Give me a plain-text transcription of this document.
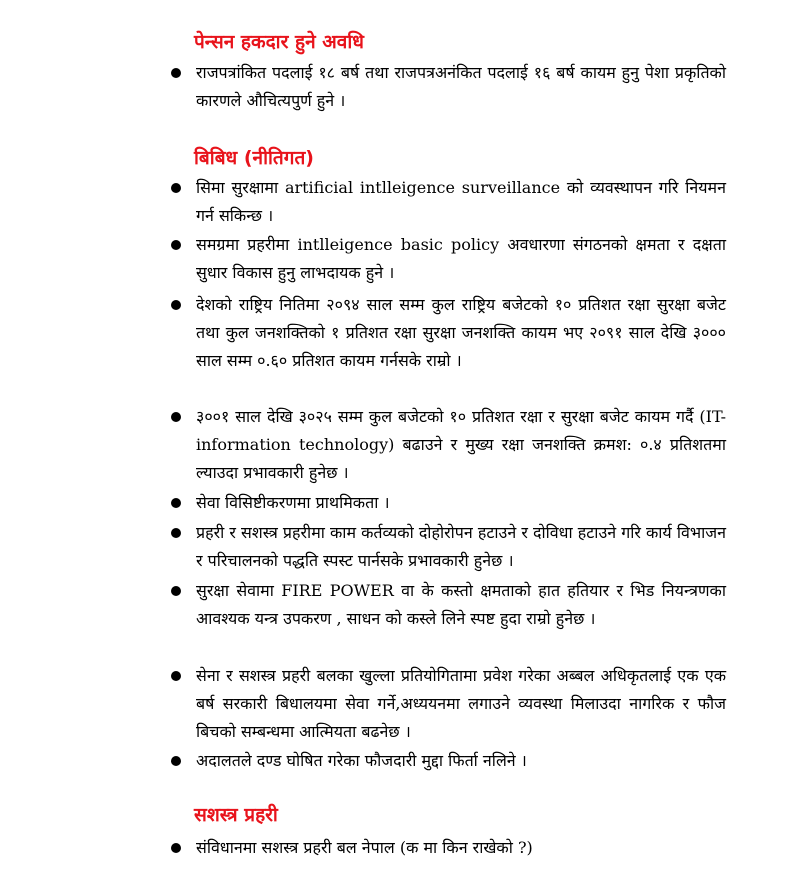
पेन्सन हकदार हुने अवधि

राजपत्रांकित पदलाई १८ बर्ष तथा राजपत्रअनंकित पदलाई १६ बर्ष कायम हुनु पेशा प्रकृतिको कारणले औचित्यपुर्ण हुने ।

बिबिध (नीतिगत)

सिमा सुरक्षामा artificial intlleigence surveillance को व्यवस्थापन गरि नियमन गर्न सकिन्छ ।

समग्रमा प्रहरीमा intlleigence basic policy अवधारणा संगठनको क्षमता र दक्षता सुधार विकास हुनु लाभदायक हुने ।

देशको राष्ट्रिय नितिमा २०९४ साल सम्म कुल राष्ट्रिय बजेटको १० प्रतिशत रक्षा सुरक्षा बजेट तथा कुल जनशक्तिको १ प्रतिशत रक्षा सुरक्षा जनशक्ति कायम भए २०९१ साल देखि ३००० साल सम्म ०.६० प्रतिशत कायम गर्नसके राम्रो ।

३००१ साल देखि ३०२५ सम्म कुल बजेटको १० प्रतिशत रक्षा र सुरक्षा बजेट कायम गर्दै (IT- information technology) बढाउने र मुख्य रक्षा जनशक्ति क्रमश: ०.४ प्रतिशतमा ल्याउदा प्रभावकारी हुनेछ ।

सेवा विसिष्टीकरणमा प्राथमिकता ।

प्रहरी र सशस्त्र प्रहरीमा काम कर्तव्यको दोहोरोपन हटाउने र दोविधा हटाउने गरि कार्य विभाजन र परिचालनको पद्धति स्पस्ट पार्नसके प्रभावकारी हुनेछ ।

सुरक्षा सेवामा FIRE POWER वा के कस्तो क्षमताको हात हतियार र भिड नियन्त्रणका आवश्यक यन्त्र उपकरण , साधन को कस्ले लिने स्पष्ट हुदा राम्रो हुनेछ ।

सेना र सशस्त्र प्रहरी बलका खुल्ला प्रतियोगितामा प्रवेश गरेका अब्बल अधिकृतलाई एक एक बर्ष सरकारी बिधालयमा सेवा गर्ने,अध्ययनमा लगाउने व्यवस्था मिलाउदा नागरिक र फौज बिचको सम्बन्धमा आत्मियता बढनेछ ।

अदालतले दण्ड घोषित गरेका फौजदारी मुद्दा फिर्ता नलिने ।

सशस्त्र प्रहरी

संविधानमा सशस्त्र प्रहरी बल नेपाल (क मा किन राखेको ?)
